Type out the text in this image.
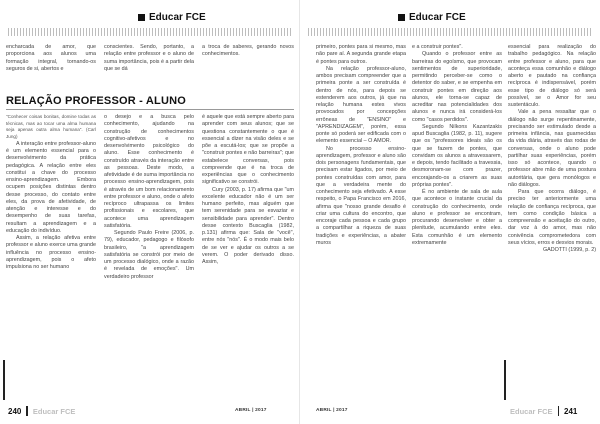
Educar FCE

encharcada de amor, que proporciona aos alunos uma formação integral, tornando-os seguros de si, abertos e

conscientes. Sendo, portanto, a relação entre professor e o aluno de suma importância, pois é a partir dela que se dá

a troca de saberes, gerando novos conhecimentos.

RELAÇÃO PROFESSOR - ALUNO

"Conhecer coisas bonitas, domine todas as técnicas, mas ao tocar uma alma humana seja apenas outra alma humana". (Carl Jung)

A interação entre professor-aluno é um elemento essencial para o desenvolvimento da prática pedagógica. A relação entre eles constitui a chave do processo ensino-aprendizagem. Embora ocupem posições distintas dentro desse processo, do contato entre eles, da prova de afetividade, de atenção e interesse e do desempenho de suas tarefas, resultam a aprendizagem e a educação do indivíduo.

Assim, a relação afetiva entre professor e aluno exerce uma grande influência no processo ensino-aprendizagem, pois o afeto impulsiona no ser humano

o desejo e a busca pelo conhecimento, ajudando na construção de conhecimentos cognitivo-afetivos e no desenvolvimento psicológico do aluno. Esse conhecimento é construído através da interação entre as pessoas. Deste modo, a afetividade é de suma importância no processo ensino-aprendizagem, pois é através de um bom relacionamento entre professor e aluno, onde o afeto recíproco ultrapassa os limites profissionais e escolares, que acontece uma aprendizagem satisfatória.

Segundo Paulo Freire (2006, p. 79), educador, pedagogo e filósofo brasileiro, "a aprendizagem satisfatória se constrói por meio de um processo dialógico, onde a razão é revelada de emoções". Um verdadeiro professor

é aquele que está sempre aberto para aprender com seus alunos; que se questiona constantemente o que é essencial a dizer na visão deles e se põe a escutá-los; que se propõe a "construir pontes e não barreiras"; que estabelece conversas, pois compreende que é na troca de experiências que o conhecimento significativo se constrói.

Cury (2003, p. 17) afirma que "um excelente educador não é um ser humano perfeito, mas alguém que tem serenidade para se esvaziar e sensibilidade para aprender". Dentro desse contexto Buscaglia (1982, p.131) afirma que: Sala de "você", entre nós "nós". É o modo mais belo de se ver e ajudar os outros a se verem. O poder derivado disso. Assim,

240 Educar FCE	ABRIL | 2017
Educar FCE

primeiro, pontes para si mesmo, mas não pare aí. A segunda grande etapa é pontes para outros.

Na relação professor-aluno, ambos precisam compreender que a primeira ponte a ser construída é dentro de nós, para depois se estenderem aos outros, já que na relação humana estes vivos provocados por concepções errôneas de "ENSINO" e "APRENDIZAGEM", porém, essa ponte só poderá ser edificada com o elemento essencial – O AMOR.

No processo ensino-aprendizagem, professor e aluno são dois personagens fundamentais, que precisam estar ligados, por meio de pontes construídas com amor, para que a verdadeira mente do conhecimento seja efetivado. A esse respeito, o Papa Francisco em 2016, afirma que "nosso grande desafio é criar uma cultura do encontro, que encoraje cada pessoa e cada grupo a compartilhar a riqueza de suas tradições e experiências, a abater muros

e a construir pontes".

Quando o professor entre as barreiras do egoísmo, que provocam sentimentos de superioridade, permitindo perceber-se como o detentor do saber, e se empenha em construir pontes em direção aos alunos, ele torna-se capaz de acreditar nas potencialidades dos alunos e nunca irá considerá-los como "casos perdidos".

Segundo Nilkons Kazantzakis apud Buscaglia (1982, p. 11), sugere que os "professores ideais são os que se fazem de pontes, que convidam os alunos a atravessarem, e depois, tendo facilitado a travessia, desmoronam-se com prazer, encorajando-os a criarem as suas próprias pontes".

É no ambiente de sala de aula que acontece o instante crucial da construção do conhecimento, onde aluno e professor se encontram, procurando desenvolver e obter a plenitude, acumulando entre eles. Esta comunhão é um elemento extremamente

essencial para realização do trabalho pedagógico. Na relação entre professor e aluno, para que aconteça essa comunhão e diálogo aberto e pautado na confiança recíproca é indispensável, porém esse tipo de diálogo só será possível, se o Amor for seu sustentáculo.

Vale a pena ressaltar que o diálogo não surge repentinamente, precisando ser estimulado desde a primeira infância, nas guarnecidas da vida diária, através das rodas de conversas, onde o aluno pode partilhar suas experiências, porém isso só acontece, quando o professor abre mão de uma postura autoritária, que gera monólogos e não diálogos.

Para que ocorra diálogo, é preciso ter anteriormente uma relação de confiança recíproca, que tem como condição básica a compreensão e aceitação do outro, dar voz à do amor, mas não conivência comprometedora com seus vícios, erros e desvios morais.

GADOTTI (1999, p. 2)

ABRIL | 2017	Educar FCE 241
